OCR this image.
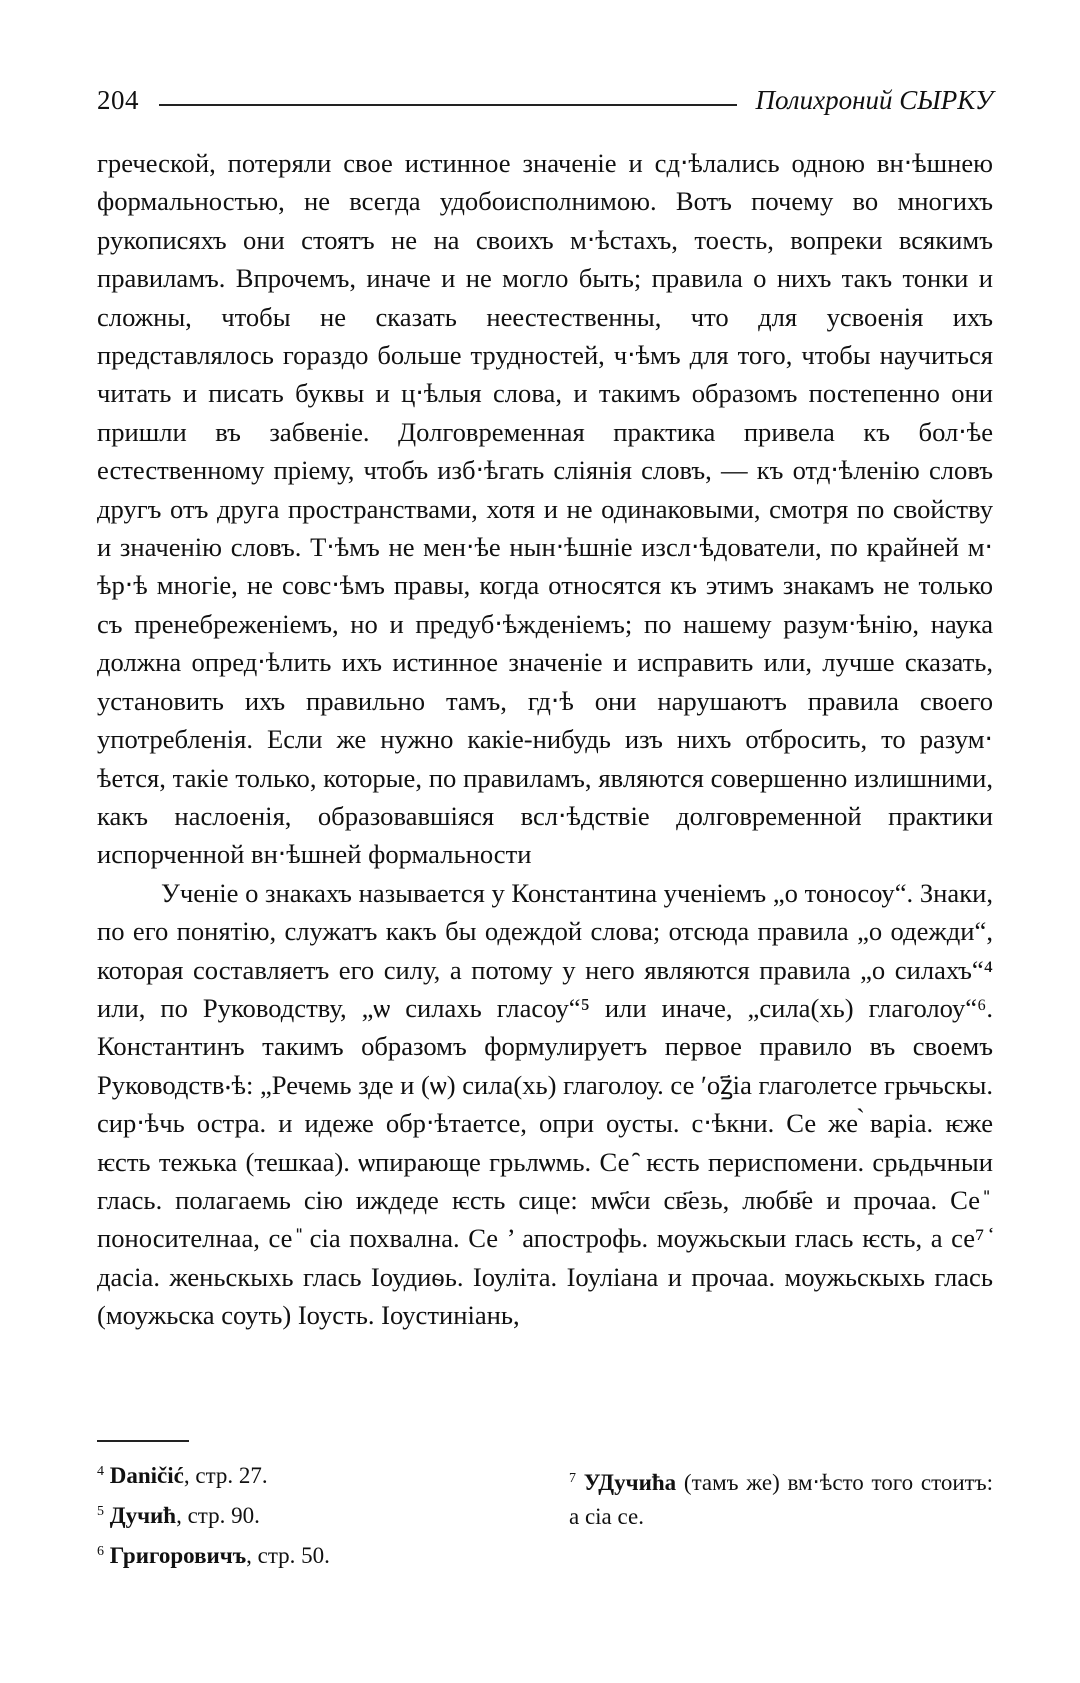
204	Полихроний СЫРКУ

греческой, потеряли свое истинное значенiе и сд‧ѣлались одною вн‧ѣшнею формальностью, не всегда удобоисполнимою. Вотъ почему во многихъ рукописяхъ они стоятъ не на своихъ м‧ѣстахъ, тоесть, вопреки всякимъ правиламъ. Впрочемъ, иначе и не могло быть; правила о нихъ такъ тонки и сложны, чтобы не сказать неестественны, что для усвоенiя ихъ представлялось гораздо больше трудностей, ч‧ѣмъ для того, чтобы научиться читать и писать буквы и ц‧ѣлыя слова, и такимъ образомъ постепенно они пришли въ забвенiе. Долговременная практика привела къ бол‧ѣе естественному прiему, чтобъ изб‧ѣгать слiянiя словъ, — къ отд‧ѣленiю словъ другъ отъ друга пространствами, хотя и не одинаковыми, смотря по свойству и значенiю словъ. Т‧ѣмъ не мен‧ѣе нын‧ѣшнiе изсл‧ѣдователи, по крайней м‧ѣр‧ѣ многiе, не совс‧ѣмъ правы, когда относятся къ этимъ знакамъ не только съ пренебреженiемъ, но и предуб‧ѣжденiемъ; по нашему разум‧ѣнiю, наука должна опред‧ѣлить ихъ истинное значенiе и исправить или, лучше сказать, установить ихъ правильно тамъ, гд‧ѣ они нарушаютъ правила своего употребленiя. Если же нужно какiе-нибудь изъ нихъ отбросить, то разум‧ѣется, такiе только, которые, по правиламъ, являются совершенно излишними, какъ наслоенiя, образовавшiяся всл‧ѣдствiе долговременной практики испорченной вн‧ѣшней формальности

Ученiе о знакахъ называется у Константина ученiемъ „о тоносоу“. Знаки, по его понятiю, служатъ какъ бы одеждой слова; отсюда правила „о одежди“, которая составляетъ его силу, а потому у него являются правила „о силахъ“⁴ или, по Руководству, „ѡ силахь гласоу“⁵ или иначе, „сила(хь) глаголоу“⁶. Константинъ такимъ образомъ формулируетъ первое правило въ своемъ Руководств‧ѣ: „Речемь зде и (ѡ) сила(хь) глаголоу. се ʹоꙁ҃iа глаголетсе грьчьскы. сир‧ѣчь остра. и идеже обр‧ѣтаетсе, опри оусты. с‧ѣкни. Се же ̀варiа. ѥже ѥсть тежька (тешкаа). ѡпирающе грьлѡмь. Се ̑ ѥсть периспомени. срьдьчныи глась. полагаемь сiю иждеде ѥсть сице: мѡ҃си св҃езь, любв҃е и прочаа. Се ̎ поносителнаа, се ̎ сiа похвална. Се ’ апострофь. моужьскыи глась ѥсть, а се⁷ ̒ дасiа. женьскыхь глась Iоудиѳь. Iоулiта. Iоулiана и прочаа. моужьскыхь глась (моужьска соуть) Iоусть. Iоустинiань,

$^4$ Daničić, стр. 27.

$^5$ Дучић, стр. 90.

$^6$ Григоровичъ, стр. 50.

$^7$ УДучића (тамъ же) вм‧ѣсто того стоитъ: а сiа се.
